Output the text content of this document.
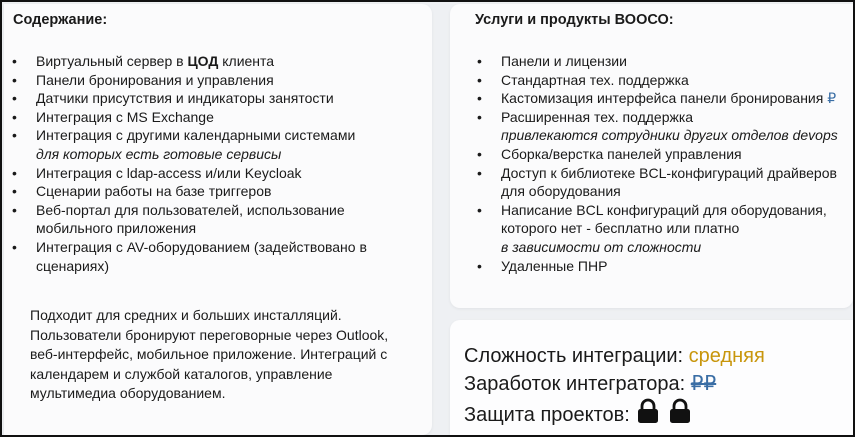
Содержание:
•	Виртуальный сервер в ЦОД клиента
•	Панели бронирования и управления
•	Датчики присутствия и индикаторы занятости
•	Интеграция с MS Exchange
•	Интеграция с другими календарными системами
для которых есть готовые сервисы
•	Интеграция с ldap-access и/или Keycloak
•	Сценарии работы на базе триггеров
•	Веб-портал для пользователей, использование мобильного приложения
•	Интеграция с AV-оборудованием (задействовано в сценариях)
Услуги и продукты ВООСО:
•	Панели и лицензии
•	Стандартная тех. поддержка
•	Кастомизация интерфейса панели бронирования ₽
•	Расширенная тех. поддержка
привлекаются сотрудники других отделов devops
•	Сборка/верстка панелей управления
•	Доступ к библиотеке BCL-конфигураций драйверов для оборудования
•	Написание BCL конфигураций для оборудования, которого нет - бесплатно или платно
в зависимости от сложности
•	Удаленные ПНР
Подходит для средних и больших инсталляций. Пользователи бронируют переговорные через Outlook, веб-интерфейс, мобильное приложение. Интеграций с календарем и службой каталогов, управление мультимедиа оборудованием.
Сложность интеграции: средняя
Заработок интегратора: ₽₽
Защита проектов:
